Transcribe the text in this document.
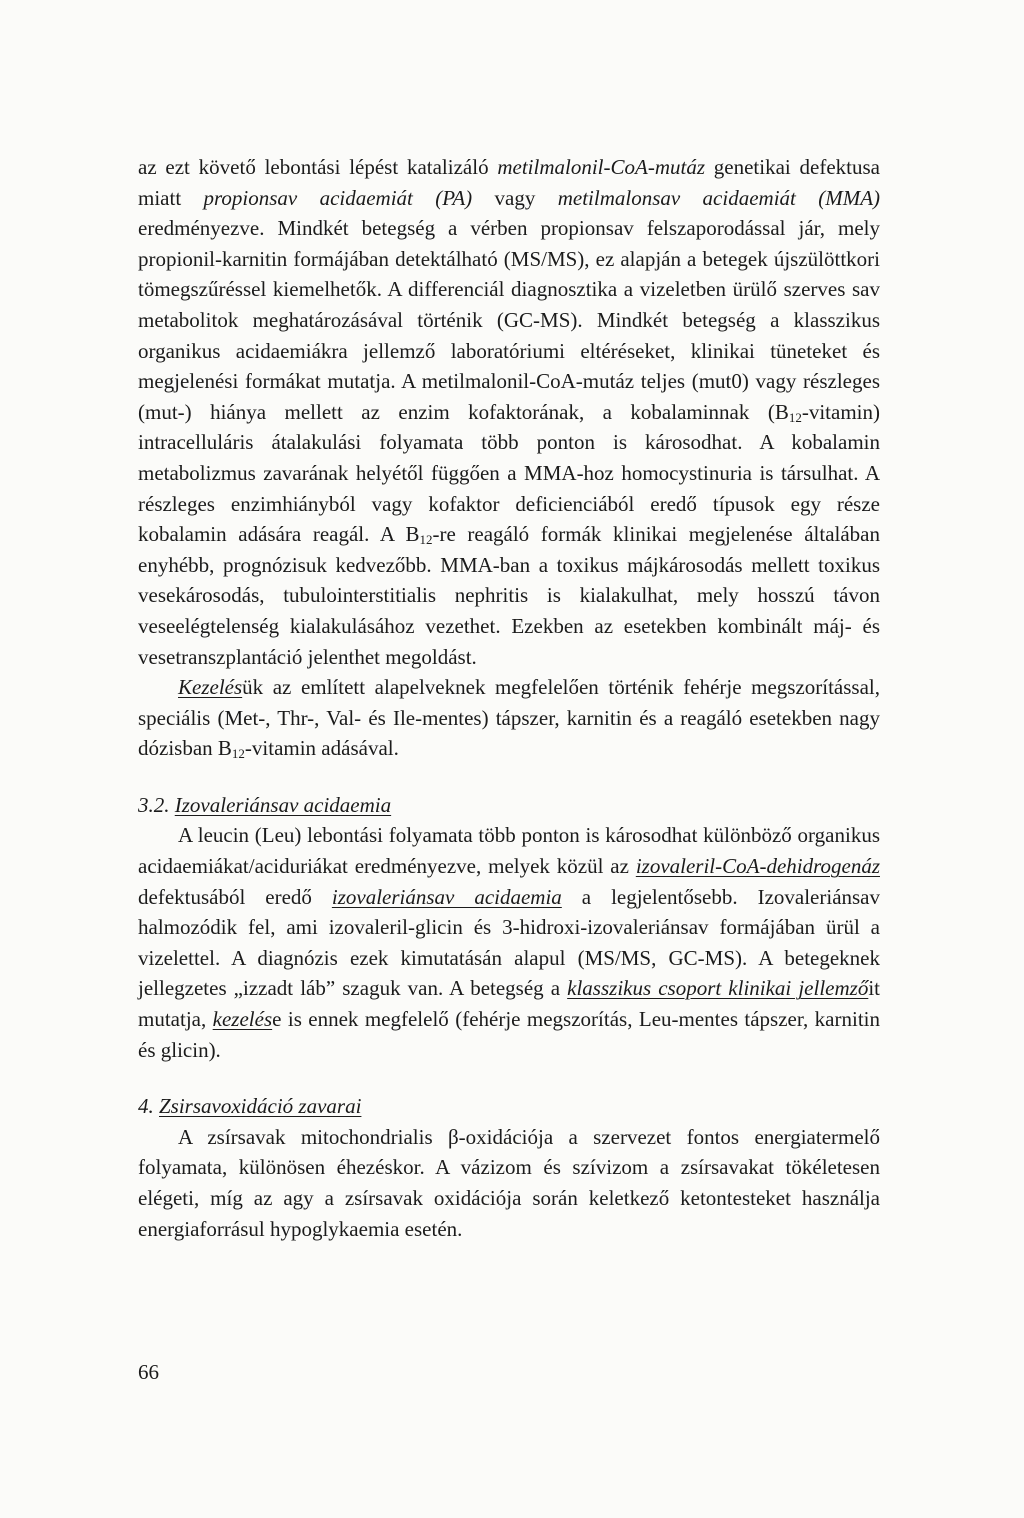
az ezt követő lebontási lépést katalizáló metilmalonil-CoA-mutáz genetikai defektusa miatt propionsav acidaemiát (PA) vagy metilmalonsav acidaemiát (MMA) eredményezve. Mindkét betegség a vérben propionsav felszaporodással jár, mely propionil-karnitin formájában detektálható (MS/MS), ez alapján a betegek újszülöttkori tömegszűréssel kiemelhetők. A differenciál diagnosztika a vizeletben ürülő szerves sav metabolitok meghatározásával történik (GC-MS). Mindkét betegség a klasszikus organikus acidaemiákra jellemző laboratóriumi eltéréseket, klinikai tüneteket és megjelenési formákat mutatja. A metilmalonil-CoA-mutáz teljes (mut0) vagy részleges (mut-) hiánya mellett az enzim kofaktorának, a kobalaminnak $(B_{12}-vitamin)$ intracelluláris átalakulási folyamata több ponton is károsodhat. A kobalamin metabolizmus zavarának helyétől függően a MMA-hoz homocystinuria is társulhat. A részleges enzimhiányból vagy kofaktor deficienciából eredő típusok egy része kobalamin adására reagál. A $B_{12}-re$ reagáló formák klinikai megjelenése általában enyhébb, prognózisuk kedvezőbb. MMA-ban a toxikus májkárosodás mellett toxikus vesekárosodás, tubulointerstitialis nephritis is kialakulhat, mely hosszú távon veseelégtelenség kialakulásához vezethet. Ezekben az esetekben kombinált máj- és vesetranszplantáció jelenthet megoldást.

Kezelésük az említett alapelveknek megfelelően történik fehérje megszorítással, speciális (Met-, Thr-, Val- és Ile-mentes) tápszer, karnitin és a reagáló esetekben nagy dózisban $B_{12}$-vitamin adásával.

3.2. Izovaleriánsav acidaemia

A leucin (Leu) lebontási folyamata több ponton is károsodhat különböző organikus acidaemiákat/aciduriákat eredményezve, melyek közül az izovaleril-CoA-dehidrogenáz defektusából eredő izovaleriánsav acidaemia a legjelentősebb. Izovaleriánsav halmozódik fel, ami izovaleril-glicin és 3-hidroxi-izovaleriánsav formájában ürül a vizelettel. A diagnózis ezek kimutatásán alapul (MS/MS, GC-MS). A betegeknek jellegzetes „izzadt láb” szaguk van. A betegség a klasszikus csoport klinikai jellemzőit mutatja, kezelése is ennek megfelelő (fehérje megszorítás, Leu-mentes tápszer, karnitin és glicin).

4. Zsirsavoxidáció zavarai

A zsírsavak mitochondrialis β-oxidációja a szervezet fontos energiatermelő folyamata, különösen éhezéskor. A vázizom és szívizom a zsírsavakat tökéletesen elégeti, míg az agy a zsírsavak oxidációja során keletkező ketontesteket használja energiaforrásul hypoglykaemia esetén.

66
